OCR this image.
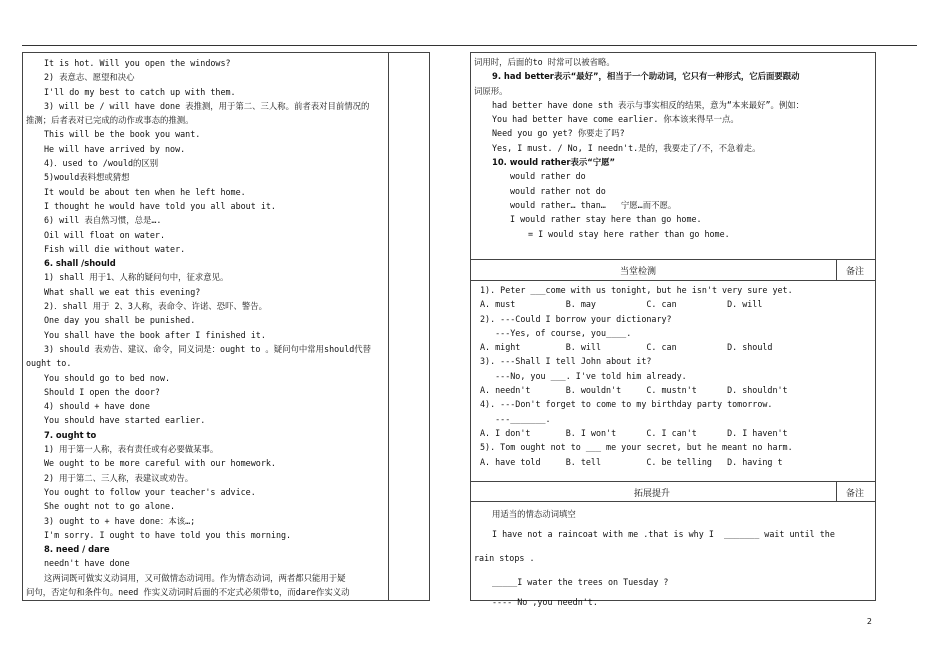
It is hot. Will you open the windows?
2) 表意志、愿望和决心
I'll do my best to catch up with them.
3) will be / will have done 表推测，用于第二、三人称。前者表对目前情况的
推测；后者表对已完成的动作或事态的推测。
This will be the book you want.
He will have arrived by now.
4)．used to /would的区别
5)would表料想或猜想
It would be about ten when he left home.
I thought he would have told you all about it.
6) will 表自然习惯，总是….
Oil will float on water.
Fish will die without water.
6. shall /should
1) shall 用于1、人称的疑问句中，征求意见。
What shall we eat this evening?
2)．shall 用于 2、3人称，表命令、许诺、恐吓、警告。
One day you shall be punished.
You shall have the book after I finished it.
3) should 表劝告、建议、命令，同义词是：ought to 。疑问句中常用should代替
ought to.
You should go to bed now.
Should I open the door?
4) should + have done
You should have started earlier.
7. ought to
1) 用于第一人称，表有责任或有必要做某事。
We ought to be more careful with our homework.
2) 用于第二、三人称，表建议或劝告。
You ought to follow your teacher's advice.
She ought not to go alone.
3) ought to + have done：本该…;
I'm sorry. I ought to have told you this morning.
8. need / dare
needn't have done
这两词既可做实义动词用，又可做情态动词用。作为情态动词，两者都只能用于疑
问句，否定句和条件句。need 作实义动词时后面的不定式必须带to，而dare作实义动
词用时，后面的to 时常可以被省略。
9. had better表示“最好”，相当于一个助动词，它只有一种形式，它后面要跟动
词原形。
had better have done sth 表示与事实相反的结果，意为“本来最好”。例如：
You had better have come earlier. 你本该来得早一点。
Need you go yet? 你要走了吗?
Yes, I must. / No, I needn't.是的，我要走了/不，不急着走。
10. would rather表示“宁愿”
would rather do
would rather not do
would rather… than…   宁愿…而不愿。
I would rather stay here than go home.
= I would stay here rather than go home.
当堂检测	备注
1). Peter ___come with us tonight, but he isn't very sure yet.
A. must          B. may          C. can          D. will
2). ---Could I borrow your dictionary?
---Yes, of course, you____.
A. might         B. will         C. can          D. should
3). ---Shall I tell John about it?
---No, you ___. I've told him already.
A. needn't       B. wouldn't     C. mustn't      D. shouldn't
4). ---Don't forget to come to my birthday party tomorrow.
---_______.
A. I don't       B. I won't      C. I can't      D. I haven't
5). Tom ought not to ___ me your secret, but he meant no harm.
A. have told     B. tell         C. be telling   D. having t
拓展提升	备注
用适当的情态动词填空
I have not a raincoat with me .that is why I  _______ wait until the
rain stops .
_____I water the trees on Tuesday ?
---- No ,you needn't.
2
